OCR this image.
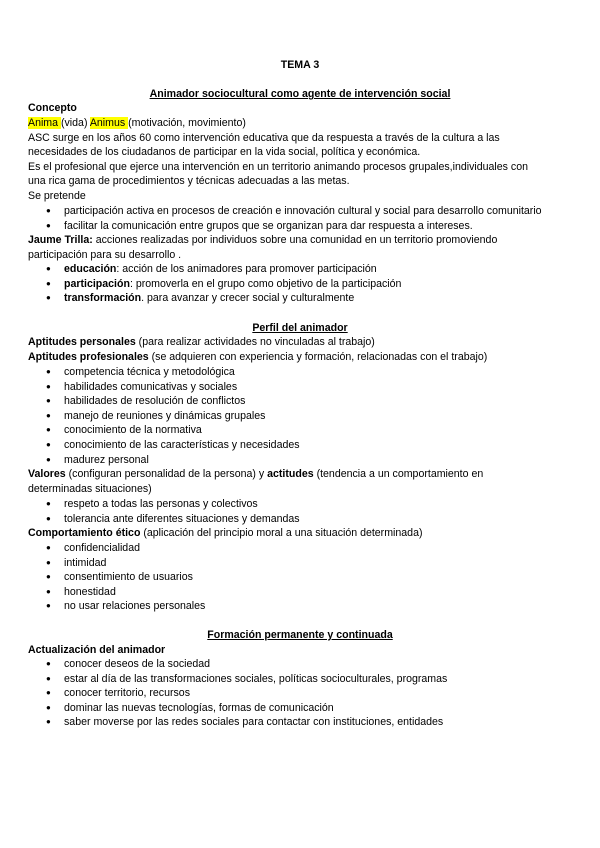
TEMA 3
Animador sociocultural como agente de intervención social
Concepto
Anima (vida) Animus (motivación, movimiento)
ASC surge en los años 60 como intervención educativa que da respuesta a través de la cultura a las
necesidades de los ciudadanos de participar en la vida social, política y económica.
Es el profesional que ejerce una intervención en un territorio animando procesos grupales,individuales con
una rica gama de procedimientos y técnicas adecuadas a las metas.
Se pretende
● participación activa en procesos de creación e innovación cultural y social para desarrollo comunitario
● facilitar la comunicación entre grupos que se organizan para dar respuesta a intereses.
Jaume Trilla: acciones realizadas por individuos sobre una comunidad en un territorio promoviendo
participación para su desarrollo .
● educación: acción de los animadores para promover participación
● participación: promoverla en el grupo como objetivo de la participación
● transformación. para avanzar y crecer social y culturalmente
Perfil del animador
Aptitudes personales (para realizar actividades no vinculadas al trabajo)
Aptitudes profesionales (se adquieren con experiencia y formación, relacionadas con el trabajo)
● competencia técnica y metodológica
● habilidades comunicativas y sociales
● habilidades de resolución de conflictos
● manejo de reuniones y dinámicas grupales
● conocimiento de la normativa
● conocimiento de las características y necesidades
● madurez personal
Valores (configuran personalidad de la persona) y actitudes (tendencia a un comportamiento en
determinadas situaciones)
● respeto a todas las personas y colectivos
● tolerancia ante diferentes situaciones y demandas
Comportamiento ético (aplicación del principio moral a una situación determinada)
● confidencialidad
● intimidad
● consentimiento de usuarios
● honestidad
● no usar relaciones personales
Formación permanente y continuada
Actualización del animador
● conocer deseos de la sociedad
● estar al día de las transformaciones sociales, políticas socioculturales, programas
● conocer territorio, recursos
● dominar las nuevas tecnologías, formas de comunicación
● saber moverse por las redes sociales para contactar con instituciones, entidades
